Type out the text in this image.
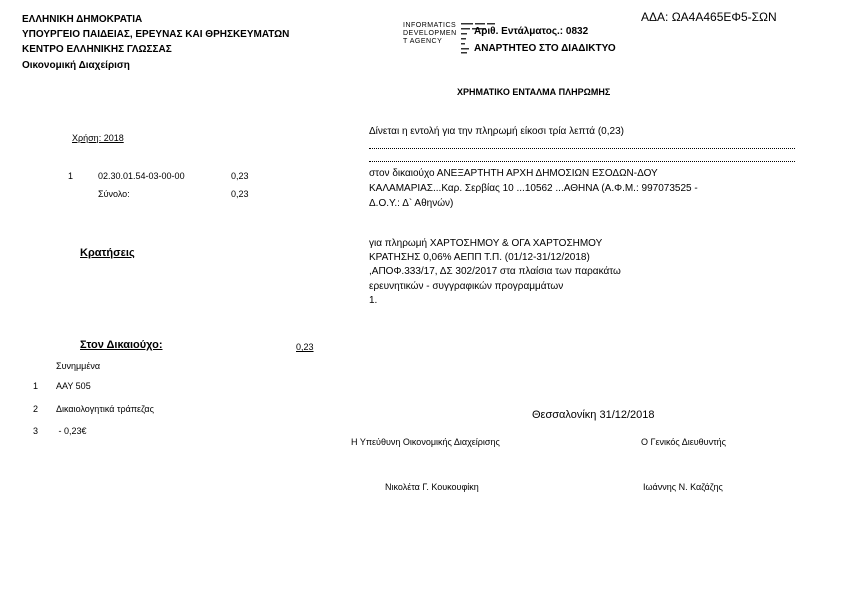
ΕΛΛΗΝΙΚΗ ΔΗΜΟΚΡΑΤΙΑ
ΥΠΟΥΡΓΕΙΟ ΠΑΙΔΕΙΑΣ, ΕΡΕΥΝΑΣ ΚΑΙ ΘΡΗΣΚΕΥΜΑΤΩΝ
ΚΕΝΤΡΟ ΕΛΛΗΝΙΚΗΣ ΓΛΩΣΣΑΣ
Οικονομική Διαχείριση
INFORMATICS
DEVELOPMEN
T AGENCY
Αριθ. Εντάλματος.: 0832
ΑΝΑΡΤΗΤΕΟ ΣΤΟ ΔΙΑΔΙΚΤΥΟ
ΑΔΑ: ΩΑ4Α465ΕΦ5-ΣΩΝ
ΧΡΗΜΑΤΙΚΟ ΕΝΤΑΛΜΑ ΠΛΗΡΩΜΗΣ
Χρήση: 2018
1	02.30.01.54-03-00-00	0,23
Σύνολο:	0,23
Κρατήσεις
Στον Δικαιούχο:	0,23
Συνημμένα
1 ΑΑΥ 505
2 Δικαιολογητικά τράπεζας
3 - 0,23€
Δίνεται η εντολή για την πληρωμή είκοσι τρία λεπτά (0,23)
στον δικαιούχο ΑΝΕΞΑΡΤΗΤΗ ΑΡΧΗ ΔΗΜΟΣΙΩΝ ΕΣΟΔΩΝ-ΔΟΥ
ΚΑΛΑΜΑΡΙΑΣ...Καρ. Σερβίας 10 ...10562 ...ΑΘΗΝΑ (Α.Φ.Μ.: 997073525 -
Δ.Ο.Υ.: Δ` Αθηνών)
για πληρωμή ΧΑΡΤΟΣΗΜΟΥ & ΟΓΑ ΧΑΡΤΟΣΗΜΟΥ
ΚΡΑΤΗΣΗΣ 0,06% ΑΕΠΠ Τ.Π. (01/12-31/12/2018)
,ΑΠΟΦ.333/17, ΔΣ 302/2017 στα πλαίσια των παρακάτω
ερευνητικών - συγγραφικών προγραμμάτων
1.
Θεσσαλονίκη 31/12/2018
Η Υπεύθυνη Οικονομικής Διαχείρισης	Ο Γενικός Διευθυντής
Νικολέτα Γ. Κουκουφίκη	Ιωάννης Ν. Καζάζης
